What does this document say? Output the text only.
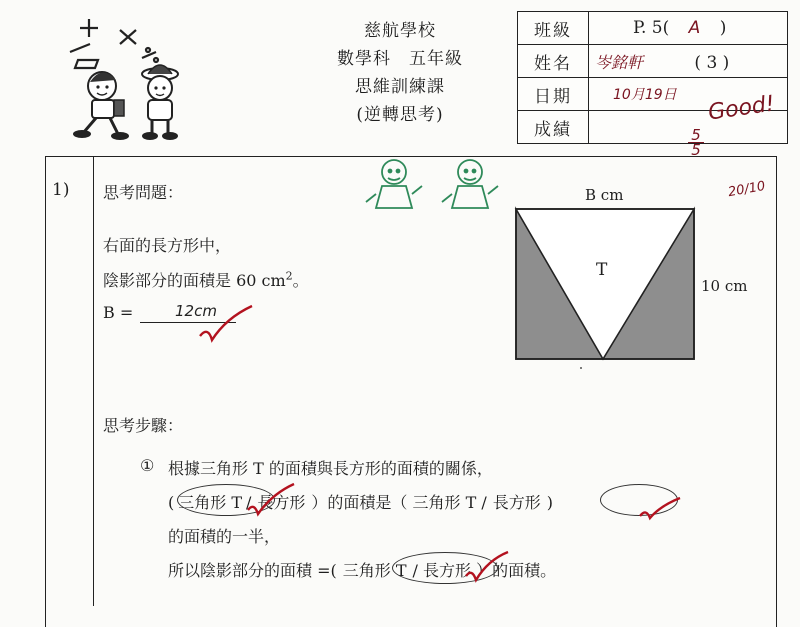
慈航學校
數學科　五年級
思維訓練課
(逆轉思考)
班級	P. 5( A )
姓名	岑銘軒 ( 3 )
日期	10月19日
成績	
Good!
5
5
20/10
1) 思考問題：
右面的長方形中，
陰影部分的面積是 60 $cm^2$。
B =	12cm
B cm
10 cm
T
思考步驟：
① 根據三角形 T 的面積與長方形的面積的關係，
( 三角形 T / 長方形 ）的面積是（ 三角形 T / 長方形 )
的面積的一半，
所以陰影部分的面積 =( 三角形 T / 長方形 ）的面積。
